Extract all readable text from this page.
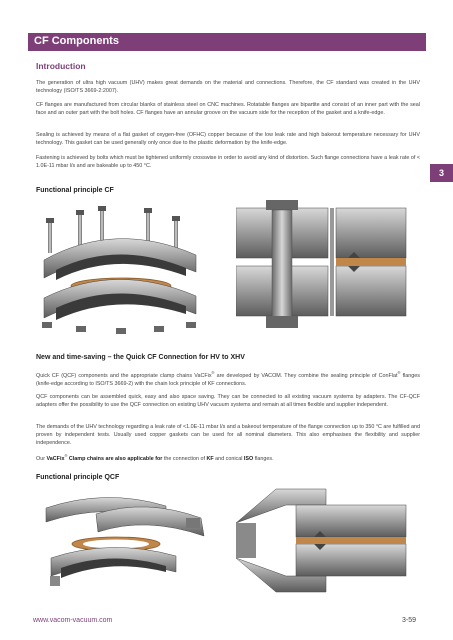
CF Components
3
Introduction
The generation of ultra high vacuum (UHV) makes great demands on the material and connections. Therefore, the CF standard was created in the UHV technology (ISO/TS 3669-2:2007).
CF flanges are manufactured from circular blanks of stainless steel on CNC machines. Rotatable flanges are bipartite and consist of an inner part with the seal face and an outer part with the bolt holes. CF flanges have an annular groove on the vacuum side for the reception of the gasket and a knife-edge.
Sealing is achieved by means of a flat gasket of oxygen-free (OFHC) copper because of the low leak rate and high bakeout temperature necessary for UHV technology. This gasket can be used generally only once due to the plastic deformation by the knife-edge.
Fastening is achieved by bolts which must be tightened uniformly crosswise in order to avoid any kind of distortion. Such flange connections have a leak rate of < 1.0E-11 mbar l/s and are bakeable up to 450 °C.
Functional principle CF
New and time-saving – the Quick CF Connection for HV to XHV
Quick CF (QCF) components and the appropriate clamp chains VaCFix® are developed by VACOM. They combine the sealing principle of ConFlat® flanges (knife-edge according to ISO/TS 3669-2) with the chain lock principle of KF connections.
QCF components can be assembled quick, easy and also space saving. They can be connected to all existing vacuum systems by adapters. The CF-QCF adapters offer the possibility to use the QCF connection on existing UHV vacuum systems and remain at all times flexible and supplier independent.
The demands of the UHV technology regarding a leak rate of <1.0E-11 mbar l/s and a bakeout temperature of the flange connection up to 350 °C are fulfilled and proven by independent tests. Usually used copper gaskets can be used for all nominal diameters. This also emphasises the flexibility and supplier independence.
Our VaCFix® Clamp chains are also applicable for the connection of KF and conical ISO flanges.
Functional principle QCF
www.vacom-vacuum.com	3-59
